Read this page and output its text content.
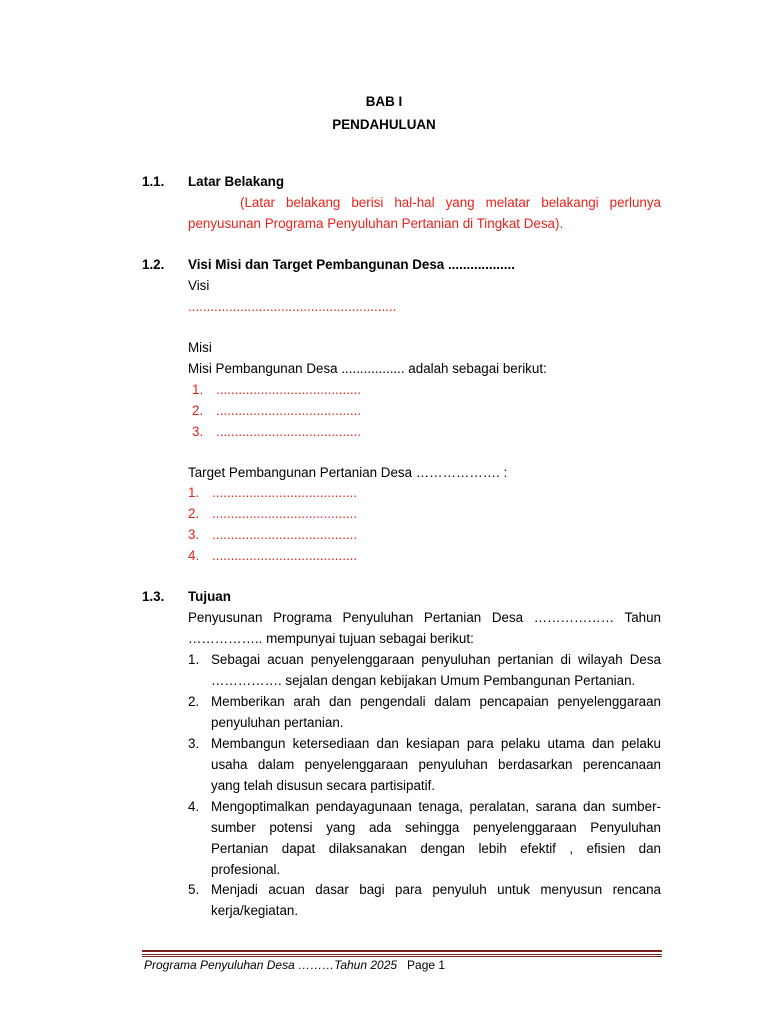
BAB I
PENDAHULUAN
1.1. Latar Belakang
(Latar belakang berisi hal-hal yang melatar belakangi perlunya
penyusunan Programa Penyuluhan Pertanian di Tingkat Desa).
1.2. Visi Misi dan Target Pembangunan Desa ..................
Visi
........................................................
Misi
Misi Pembangunan Desa ................. adalah sebagai berikut:
1. .......................................
2. .......................................
3. .......................................
Target Pembangunan Pertanian Desa ………………. :
1. .......................................
2. .......................................
3. .......................................
4. .......................................
1.3. Tujuan
Penyusunan Programa Penyuluhan Pertanian Desa ……………… Tahun
…………….. mempunyai tujuan sebagai berikut:
1. Sebagai acuan penyelenggaraan penyuluhan pertanian di wilayah Desa
……………. sejalan dengan kebijakan Umum Pembangunan Pertanian.
2. Memberikan arah dan pengendali dalam pencapaian penyelenggaraan
penyuluhan pertanian.
3. Membangun ketersediaan dan kesiapan para pelaku utama dan pelaku
usaha dalam penyelenggaraan penyuluhan berdasarkan perencanaan
yang telah disusun secara partisipatif.
4. Mengoptimalkan pendayagunaan tenaga, peralatan, sarana dan sumber-
sumber potensi yang ada sehingga penyelenggaraan Penyuluhan
Pertanian dapat dilaksanakan dengan lebih efektif , efisien dan
profesional.
5. Menjadi acuan dasar bagi para penyuluh untuk menyusun rencana
kerja/kegiatan.
Programa Penyuluhan Desa ………Tahun 2025 Page 1
